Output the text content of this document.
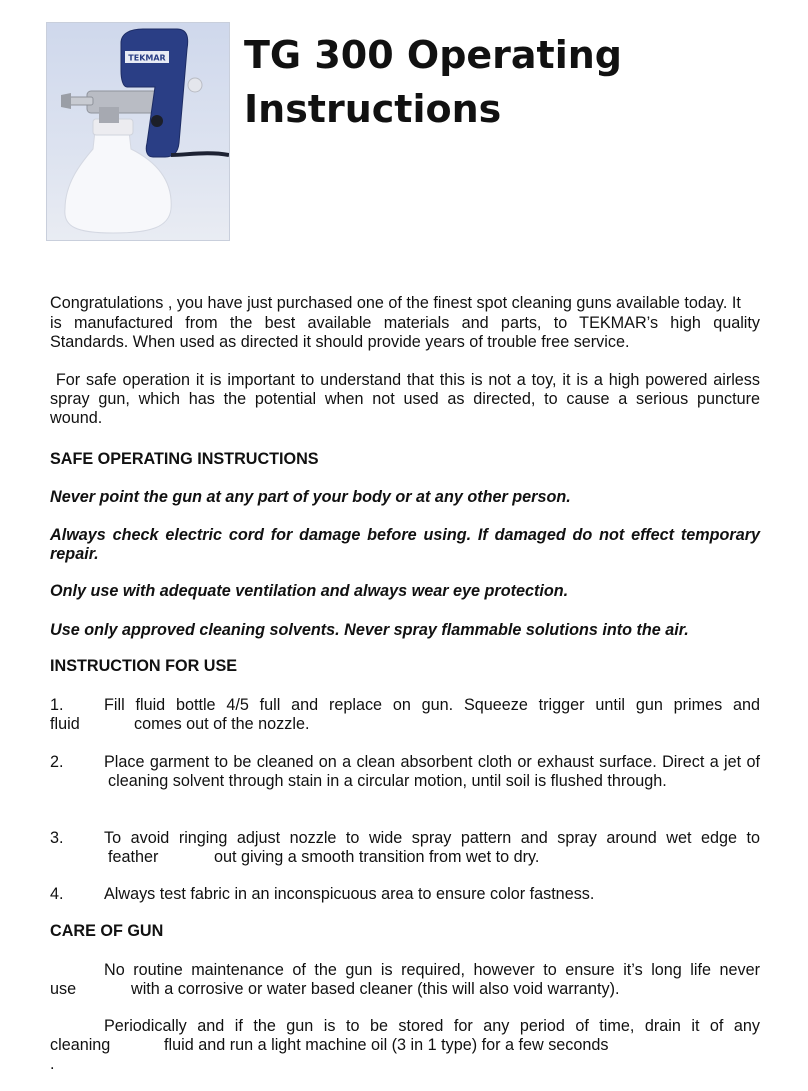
TEKMAR TG 300 Operating
Instructions

Congratulations , you have just purchased one of the finest spot cleaning guns available today. It

is manufactured from the best available materials and parts, to TEKMAR’s high quality

Standards. When used as directed it should provide years of trouble free service.

For safe operation it is important to understand that this is not a toy, it is a high powered airless

spray gun, which has the potential when not used as directed, to cause a serious puncture

wound.

SAFE OPERATING INSTRUCTIONS

Never point the gun at any part of your body or at any other person.

Always check electric cord for damage before using. If damaged do not effect temporary

repair.

Only use with adequate ventilation and always wear eye protection.

Use only approved cleaning solvents. Never spray flammable solutions into the air.

INSTRUCTION FOR USE
1. Fill fluid bottle 4/5 full and replace on gun. Squeeze trigger until gun primes and

fluid	comes out of the nozzle.
2. Place garment to be cleaned on a clean absorbent cloth or exhaust surface. Direct a jet of

cleaning solvent through stain in a circular motion, until soil is flushed through.
3. To avoid ringing adjust nozzle to wide spray pattern and spray around wet edge to

feather	out giving a smooth transition from wet to dry.
4. Always test fabric in an inconspicuous area to ensure color fastness.

CARE OF GUN

No routine maintenance of the gun is required, however to ensure it’s long life never

use	with a corrosive or water based cleaner (this will also void warranty).

Periodically and if the gun is to be stored for any period of time, drain it of any

cleaning	fluid and run a light machine oil (3 in 1 type) for a few seconds
.
